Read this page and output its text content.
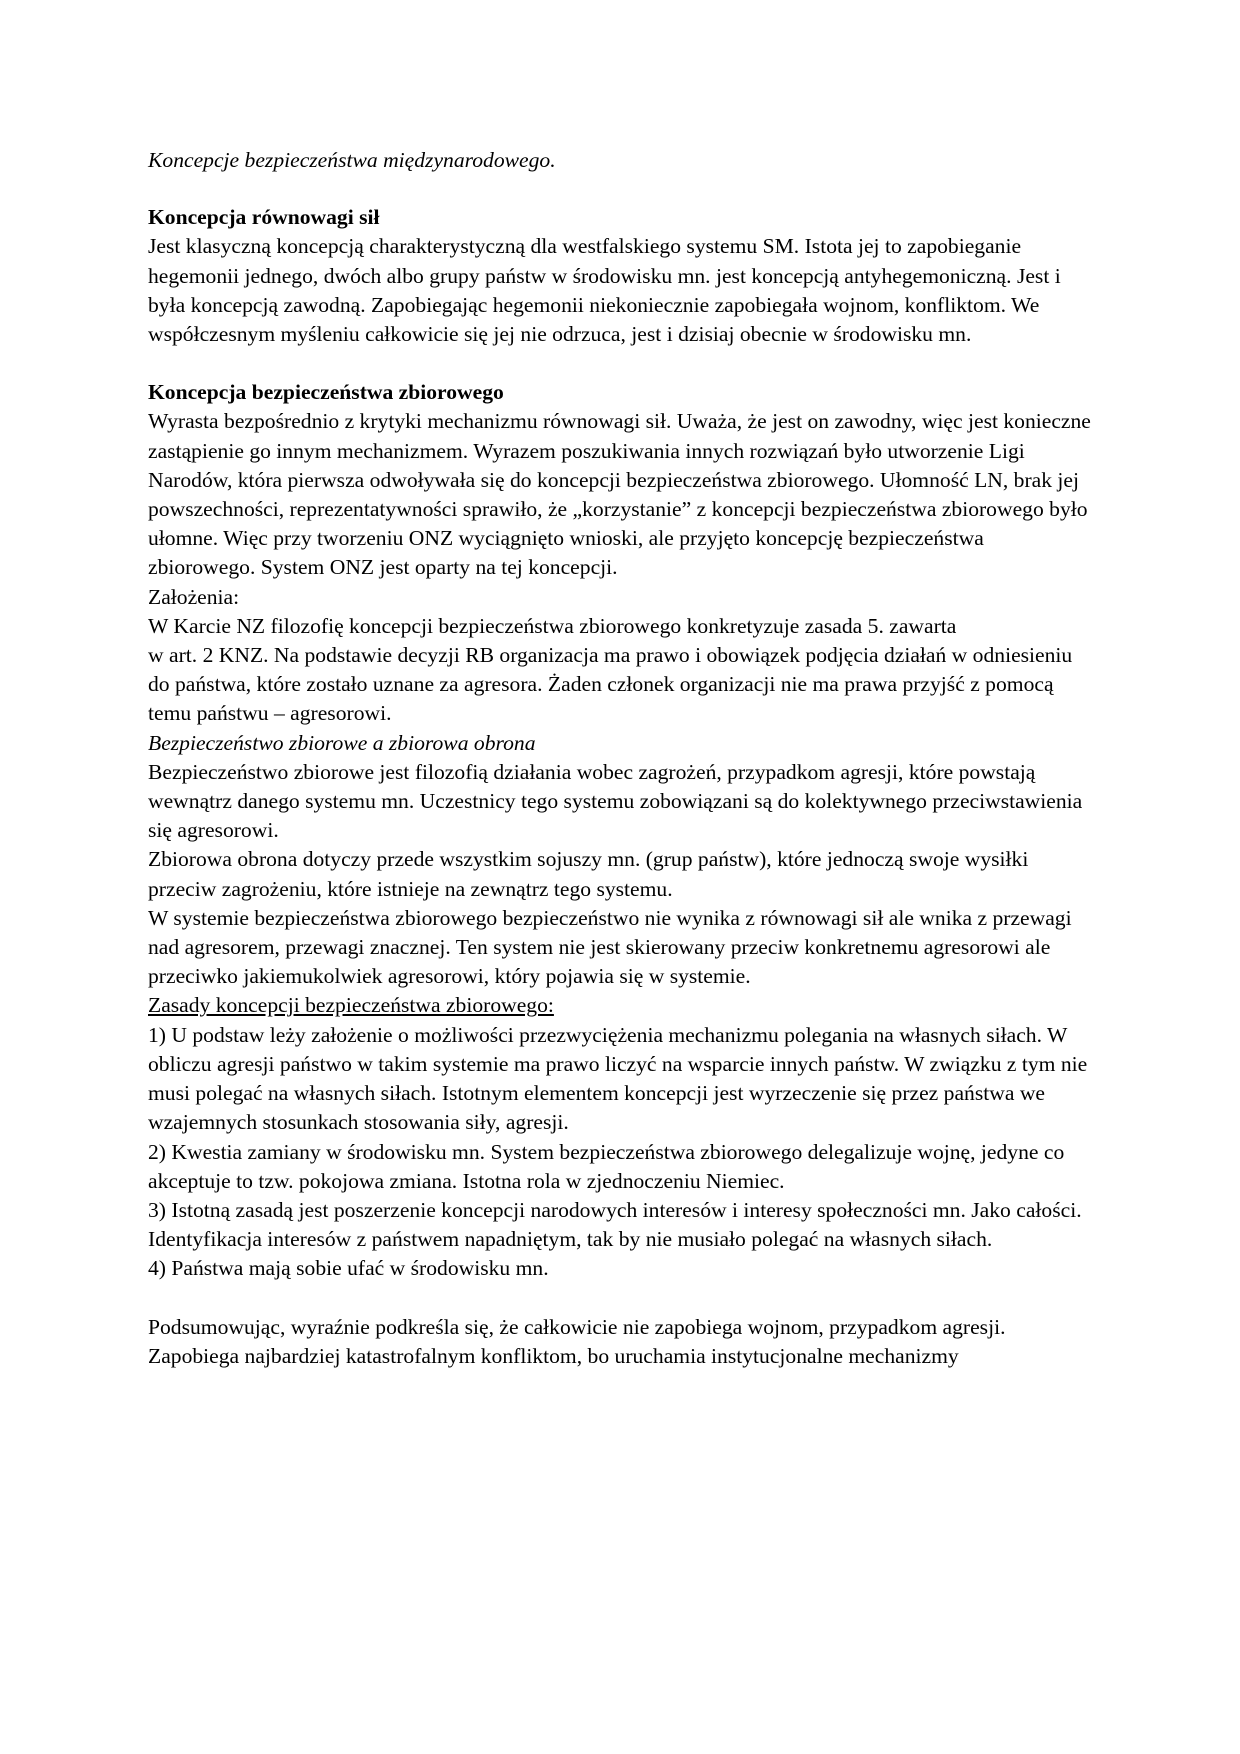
Koncepcje bezpieczeństwa międzynarodowego.

Koncepcja równowagi sił

Jest klasyczną koncepcją charakterystyczną dla westfalskiego systemu SM. Istota jej to zapobieganie hegemonii jednego, dwóch albo grupy państw w środowisku mn. jest koncepcją antyhegemoniczną. Jest i była koncepcją zawodną. Zapobiegając hegemonii niekoniecznie zapobiegała wojnom, konfliktom. We współczesnym myśleniu całkowicie się jej nie odrzuca, jest i dzisiaj obecnie w środowisku mn.

Koncepcja bezpieczeństwa zbiorowego

Wyrasta bezpośrednio z krytyki mechanizmu równowagi sił. Uważa, że jest on zawodny, więc jest konieczne zastąpienie go innym mechanizmem. Wyrazem poszukiwania innych rozwiązań było utworzenie Ligi Narodów, która pierwsza odwoływała się do koncepcji bezpieczeństwa zbiorowego. Ułomność LN, brak jej powszechności, reprezentatywności sprawiło, że „korzystanie” z koncepcji bezpieczeństwa zbiorowego było ułomne. Więc przy tworzeniu ONZ wyciągnięto wnioski, ale przyjęto koncepcję bezpieczeństwa zbiorowego. System ONZ jest oparty na tej koncepcji.

Założenia:

W Karcie NZ filozofię koncepcji bezpieczeństwa zbiorowego konkretyzuje zasada 5. zawarta

w art. 2 KNZ. Na podstawie decyzji RB organizacja ma prawo i obowiązek podjęcia działań w odniesieniu do państwa, które zostało uznane za agresora. Żaden członek organizacji nie ma prawa przyjść z pomocą temu państwu – agresorowi.

Bezpieczeństwo zbiorowe a zbiorowa obrona

Bezpieczeństwo zbiorowe jest filozofią działania wobec zagrożeń, przypadkom agresji, które powstają wewnątrz danego systemu mn. Uczestnicy tego systemu zobowiązani są do kolektywnego przeciwstawienia się agresorowi.

Zbiorowa obrona dotyczy przede wszystkim sojuszy mn. (grup państw), które jednoczą swoje wysiłki przeciw zagrożeniu, które istnieje na zewnątrz tego systemu.

W systemie bezpieczeństwa zbiorowego bezpieczeństwo nie wynika z równowagi sił ale wnika z przewagi nad agresorem, przewagi znacznej. Ten system nie jest skierowany przeciw konkretnemu agresorowi ale przeciwko jakiemukolwiek agresorowi, który pojawia się w systemie.

Zasady koncepcji bezpieczeństwa zbiorowego:

1) U podstaw leży założenie o możliwości przezwyciężenia mechanizmu polegania na własnych siłach. W obliczu agresji państwo w takim systemie ma prawo liczyć na wsparcie innych państw. W związku z tym nie musi polegać na własnych siłach. Istotnym elementem koncepcji jest wyrzeczenie się przez państwa we wzajemnych stosunkach stosowania siły, agresji.

2) Kwestia zamiany w środowisku mn. System bezpieczeństwa zbiorowego delegalizuje wojnę, jedyne co akceptuje to tzw. pokojowa zmiana. Istotna rola w zjednoczeniu Niemiec.

3) Istotną zasadą jest poszerzenie koncepcji narodowych interesów i interesy społeczności mn. Jako całości. Identyfikacja interesów z państwem napadniętym, tak by nie musiało polegać na własnych siłach.

4) Państwa mają sobie ufać w środowisku mn.

Podsumowując, wyraźnie podkreśla się, że całkowicie nie zapobiega wojnom, przypadkom agresji.

Zapobiega najbardziej katastrofalnym konfliktom, bo uruchamia instytucjonalne mechanizmy
